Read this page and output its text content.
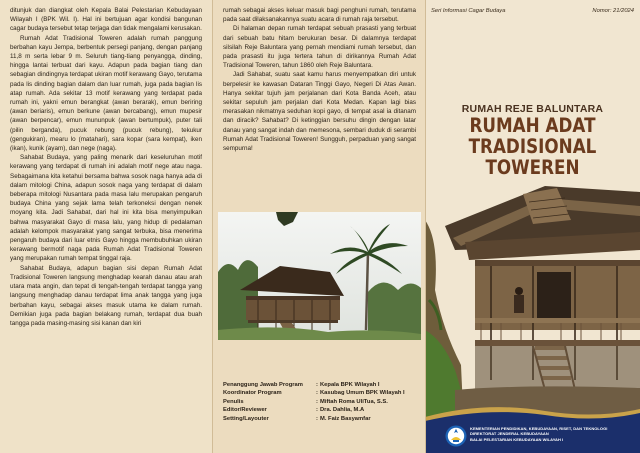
ditunjuk dan diangkat oleh Kepala Balai Pelestarian Kebudayaan Wilayah I (BPK Wil. I). Hal ini bertujuan agar kondisi bangunan cagar budaya tersebut tetap terjaga dan tidak mengalami kerusakan.

Rumah Adat Tradisional Toweren adalah rumah panggung berbahan kayu Jempa, berbentuk persegi panjang, dengan panjang 11,8 m serta lebar 9 m. Seluruh tiang-tiang penyangga, dinding, hingga lantai terbuat dari kayu. Adapun pada bagian tiang dan sebagian dindingnya terdapat ukiran motif kerawang Gayo, terutama pada lis dinding bagian dalam dan luar rumah, juga pada bagian lis atap rumah. Ada sekitar 13 motif kerawang yang terdapat pada rumah ini, yakni emun berangkat (awan berarak), emun beriring (awan beriaris), emun berkune (awan bercabang), emun mupesir (awan berpencar), emun mununpuk (awan bertumpuk), puter tali (pilin berganda), pucuk rebung (pucuk rebung), tekukur (gengukiran), mearu lo (matahari), sara kopar (sara kempat), iken (ikan), kunik (ayam), dan nege (naga).

Sahabat Budaya, yang paling menarik dari keseluruhan motif kerawang yang terdapat di rumah ini adalah motif nege atau naga. Sebagaimana kita ketahui bersama bahwa sosok naga hanya ada di dalam mitologi China, adapun sosok naga yang terdapat di dalam beberapa mitologi Nusantara pada masa lalu merupakan pengaruh budaya China yang sejak lama telah terkoneksi dengan nenek moyang kita. Jadi Sahabat, dari hal ini kita bisa menyimpulkan bahwa masyarakat Gayo di masa lalu, yang hidup di pedalaman adalah kelompok masyarakat yang sangat terbuka, bisa menerima pengaruh budaya dari luar etnis Gayo hingga membubuhkan ukiran kerawang bermotif naga pada Rumah Adat Tradisional Toweren yang merupakan rumah tempat tinggal raja.

Sahabat Budaya, adapun bagian sisi depan Rumah Adat Tradisional Toweren langsung menghadap kearah danau atau arah utara mata angin, dan tepat di tengah-tengah terdapat tangga yang langsung menghadap danau terdapat lima anak tangga yang juga berbahan kayu, sebagai akses masuk utama ke dalam rumah. Demikian juga pada bagian belakang rumah, terdapat dua buah tangga pada masing-masing sisi kanan dan kiri

rumah sebagai akses keluar masuk bagi penghuni rumah, terutama pada saat dilaksanakannya suatu acara di rumah raja tersebut.

Di halaman depan rumah terdapat sebuah prasasti yang terbuat dari sebuah batu hitam berukuran besar. Di dalamnya terdapat silsilah Reje Baluntara yang pernah mendiami rumah tersebut, dan pada prasasti itu juga tertera tahun di dirikannya Rumah Adat Tradisional Toweren, tahun 1860 oleh Reje Baluntara.

Jadi Sahabat, suatu saat kamu harus menyempatkan diri untuk berpelesir ke kawasan Dataran Tinggi Gayo, Negeri Di Atas Awan. Hanya sekitar tujuh jam perjalanan dari Kota Banda Aceh, atau sekitar sepuluh jam perjalan dari Kota Medan. Kapan lagi bias merasakan nikmatnya seduhan kopi gayo, di tempat asal ia ditanam dan diracik? Sahabat? Di ketinggian bersuhu dingin dengan latar danau yang sangat indah dan memesona, sembari duduk di serambi Rumah Adat Tradisional Toweren! Sungguh, perpaduan yang sangat sempurna!

Penanggung Jawab Program	: Kepala BPK Wilayah I
Koordinator Program	: Kasubag Umum BPK Wilayah I
Penulis	: Miftah Roma UliTua, S.S.
Editor/Reviewer	: Dra. Dahlia, M.A
Setting/Layouter	: M. Faiz Basyamfar
Seri Informasi Cagar Budaya	Nomor: 21/2024
RUMAH REJE BALUNTARA
RUMAH ADAT
TRADISIONAL TOWEREN
KEMENTERIAN PENDIDIKAN, KEBUDAYAAN, RISET, DAN TEKNOLOGI
DIREKTORAT JENDERAL KEBUDAYAAN
BALAI PELESTARIAN KEBUDAYAAN WILAYAH I
